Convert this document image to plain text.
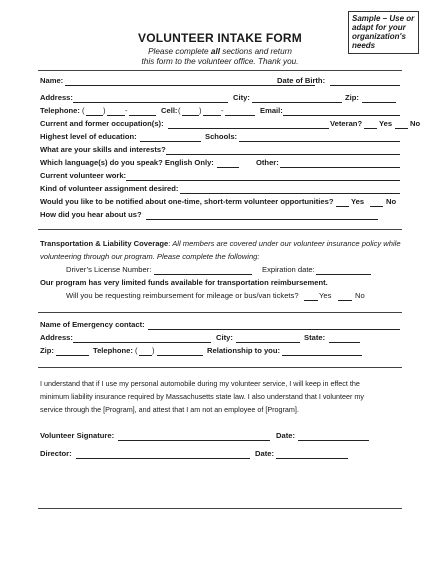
Sample – Use or adapt for your organization's needs
VOLUNTEER INTAKE FORM
Please complete all sections and return
this form to the volunteer office. Thank you.
Name:	Date of Birth:
Address:	City:	Zip:
Telephone: ( )	-	Cell: ( )	-	Email:
Current and former occupation(s):	Veteran? Yes No
Highest level of education:	Schools:
What are your skills and interests?
Which language(s) do you speak? English Only:	Other:
Current volunteer work:
Kind of volunteer assignment desired:
Would you like to be notified about one-time, short-term volunteer opportunities? Yes	No
How did you hear about us?
Transportation & Liability Coverage: All members are covered under our volunteer insurance policy while
volunteering through our program. Please complete the following:
Driver’s License Number:	Expiration date:
Our program has very limited funds available for transportation reimbursement.
Will you be requesting reimbursement for mileage or bus/van tickets?	Yes	No
Name of Emergency contact:
Address:	City:	State:
Zip:	Telephone: ( )	Relationship to you:
I understand that if I use my personal automobile during my volunteer service, I will keep in effect the
minimum liability insurance required by Massachusetts state law. I also understand that I volunteer my
service through the [Program], and attest that I am not an employee of [Program].
Volunteer Signature:	Date:
Director:	Date:
